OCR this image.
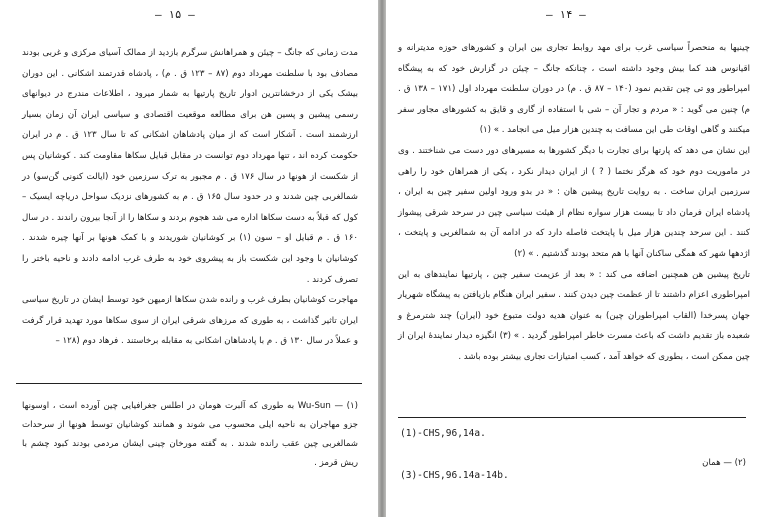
— ۱۵ —

مدت زمانی که جانگ – چیئن و همراهانش سرگرم بازدید از ممالک آسیای مرکزی و غربی بودند مصادف بود با سلطنت مهرداد دوم (۸۷ – ۱۲۳ ق . م) ، پادشاه قدرتمند اشکانی . این دوران بیشک یکی از درخشانترین ادوار تاریخ پارتیها به شمار میرود ، اطلاعات مندرج در دیوانهای رسمی پیشین و پسین هن برای مطالعه موقعیت اقتصادی و سیاسی ایران آن زمان بسیار ارزشمند است . آشکار است که از میان پادشاهان اشکانی که تا سال ۱۲۳ ق . م در ایران حکومت کرده اند ، تنها مهرداد دوم توانست در مقابل قبایل سکاها مقاومت کند . کوشانیان پس از شکست از هونها در سال ۱۷۶ ق . م مجبور به ترک سرزمین خود (ایالت کنونی گن‌سو) در شمالغربی چین شدند و در حدود سال ۱۶۵ ق . م به کشورهای نزدیک سواحل دریاچه ایسیک – کول که قبلاً به دست سکاها اداره می شد هجوم بردند و سکاها را از آنجا بیرون راندند . در سال ۱۶۰ ق . م قبایل او – سون (۱) بر کوشانیان شوریدند و با کمک هونها بر آنها چیره شدند . کوشانیان با وجود این شکست باز به پیشروی خود به طرف غرب ادامه دادند و ناحیه باختر را تصرف کردند .

مهاجرت کوشانیان بطرف غرب و رانده شدن سکاها ازمیهن خود توسط ایشان در تاریخ سیاسی ایران تاثیر گذاشت ، به طوری که مرزهای شرقی ایران از سوی سکاها مورد تهدید قرار گرفت و عملاً در سال ۱۳۰ ق . م با پادشاهان اشکانی به مقابله برخاستند . فرهاد دوم (۱۲۸ –

(۱) — Wu-Sun به طوری که آلبرت هومان در اطلس جغرافیایی چین آورده است ، اوسونها جزو مهاجران به ناحیه ایلی محسوب می شوند و همانند کوشانیان توسط هونها از سرحدات شمالغربی چین عقب رانده شدند . به گفته مورخان چینی ایشان مردمی بودند کبود چشم با ریش قرمز .
— ۱۴ —

چینیها به منحصراً سیاسی غرب برای مهد روابط تجاری بین ایران و کشورهای حوزه مدیترانه و اقیانوس هند کما بیش وجود داشته است ، چنانکه جانگ – چیئن در گزارش خود که به پیشگاه امپراطور وو تی چین تقدیم نمود (۱۴۰ – ۸۷ ق . م) در دوران سلطنت مهرداد اول (۱۷۱ – ۱۳۸ ق . م) چنین می گوید : « مردم و تجار آن – شی با استفاده از گاری و قایق به کشورهای مجاور سفر میکنند و گاهی اوقات طی این مسافت به چندین هزار میل می انجامد . » (۱)

این نشان می دهد که پارتها برای تجارت با دیگر کشورها به مسیرهای دور دست می شناختند . وی در ماموریت دوم خود که هرگز نختما ( ? ) از ایران دیدار نکرد ، یکی از همراهان خود را راهی سرزمین ایران ساخت . به روایت تاریخ پیشین هان : « در بدو ورود اولین سفیر چین به ایران ، پادشاه ایران فرمان داد تا بیست هزار سواره نظام از هیئت سیاسی چین در سرحد شرقی پیشواز کنند . این سرحد چندین هزار میل با پایتخت فاصله دارد که در ادامه آن به شمالغربی و پایتخت ، اژدهها شهر که همگی ساکنان آنها با هم متحد بودند گذشتیم . » (۲)

تاریخ پیشین هن همچنین اضافه می کند : « بعد از عزیمت سفیر چین ، پارتیها نمایندهای به این امپراطوری اعزام داشتند تا از عظمت چین دیدن کنند . سفیر ایران هنگام بازیافتن به پیشگاه شهریار جهان پسرخدا (القاب امپراطوران چین) به عنوان هدیه دولت متبوع خود (ایران) چند شترمرغ و شعبده باز تقدیم داشت که باعث مسرت خاطر امپراطور گردید . » (۳) انگیزه دیدار نمایندهٔ ایران از چین ممکن است ، بطوری که خواهد آمد ، کسب امتیازات تجاری بیشتر بوده باشد .

(1)-CHS,96,14a.
(۲) — همان
(3)-CHS,96.14a-14b.
